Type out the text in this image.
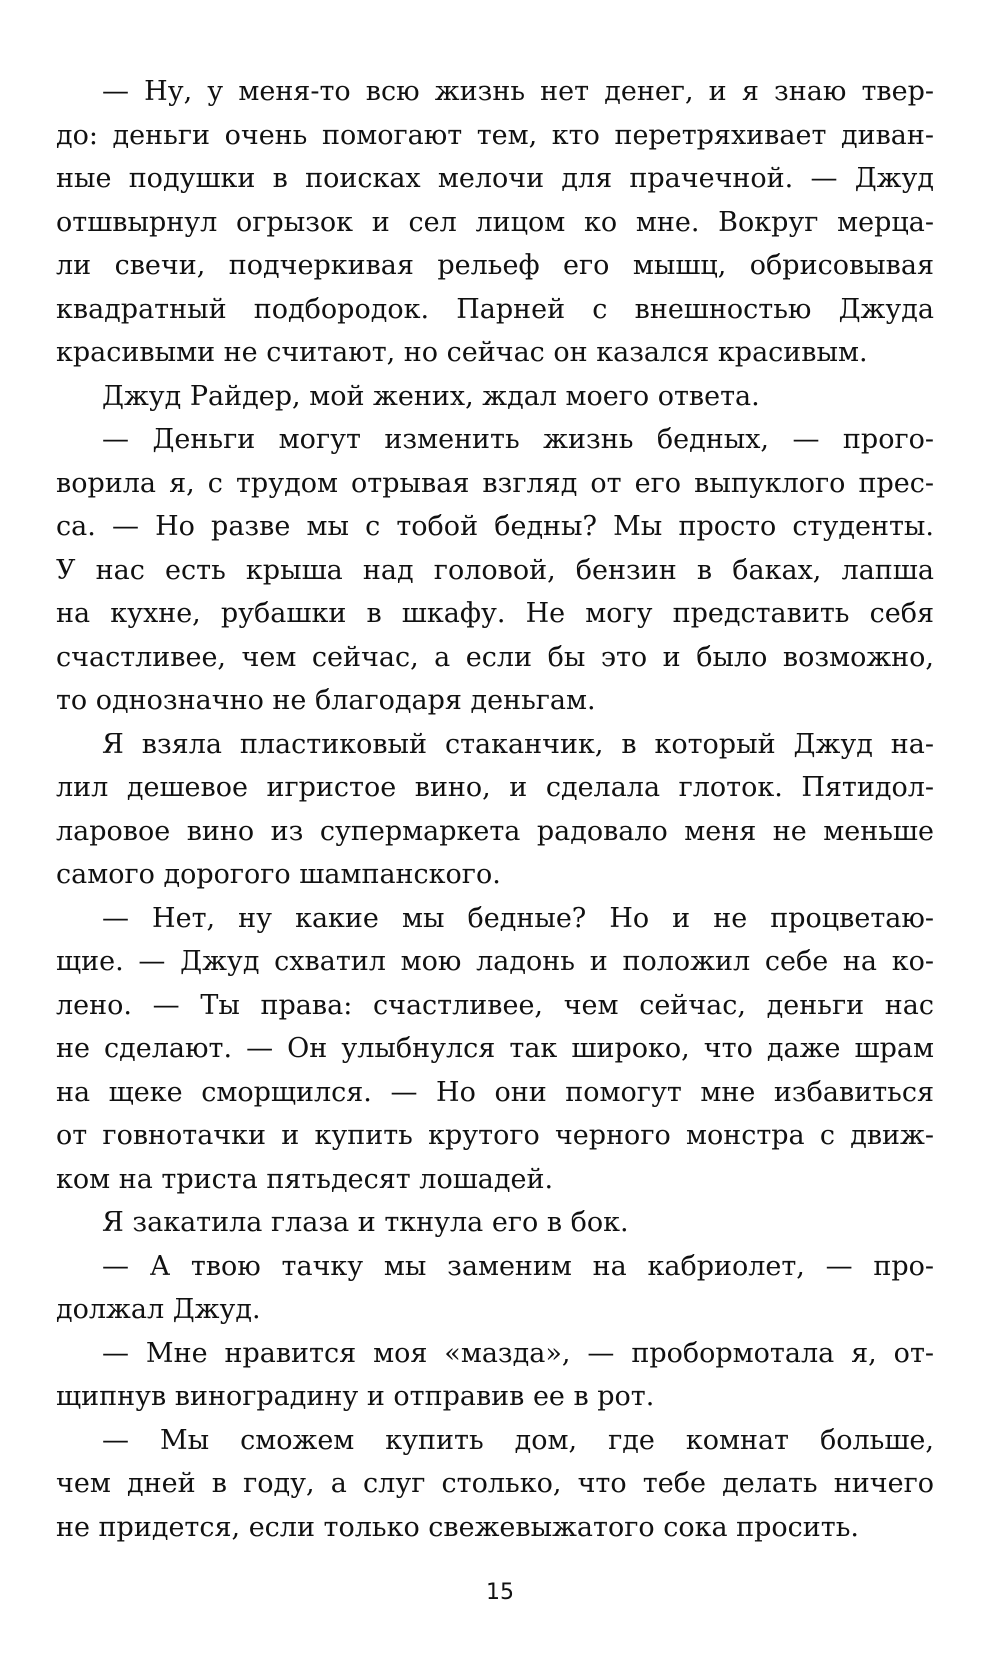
— Ну, у меня-то всю жизнь нет денег, и я знаю твер-
до: деньги очень помогают тем, кто перетряхивает диван-
ные подушки в поисках мелочи для прачечной. — Джуд
отшвырнул огрызок и сел лицом ко мне. Вокруг мерца-
ли свечи, подчеркивая рельеф его мышц, обрисовывая
квадратный подбородок. Парней с внешностью Джуда
красивыми не считают, но сейчас он казался красивым.
Джуд Райдер, мой жених, ждал моего ответа.
— Деньги могут изменить жизнь бедных, — прого-
ворила я, с трудом отрывая взгляд от его выпуклого прес-
са. — Но разве мы с тобой бедны? Мы просто студенты.
У нас есть крыша над головой, бензин в баках, лапша
на кухне, рубашки в шкафу. Не могу представить себя
счастливее, чем сейчас, а если бы это и было возможно,
то однозначно не благодаря деньгам.
Я взяла пластиковый стаканчик, в который Джуд на-
лил дешевое игристое вино, и сделала глоток. Пятидол-
ларовое вино из супермаркета радовало меня не меньше
самого дорогого шампанского.
— Нет, ну какие мы бедные? Но и не процветаю-
щие. — Джуд схватил мою ладонь и положил себе на ко-
лено. — Ты права: счастливее, чем сейчас, деньги нас
не сделают. — Он улыбнулся так широко, что даже шрам
на щеке сморщился. — Но они помогут мне избавиться
от говнотачки и купить крутого черного монстра с движ-
ком на триста пятьдесят лошадей.
Я закатила глаза и ткнула его в бок.
— А твою тачку мы заменим на кабриолет, — про-
должал Джуд.
— Мне нравится моя «мазда», — пробормотала я, от-
щипнув виноградину и отправив ее в рот.
— Мы сможем купить дом, где комнат больше,
чем дней в году, а слуг столько, что тебе делать ничего
не придется, если только свежевыжатого сока просить.
15
